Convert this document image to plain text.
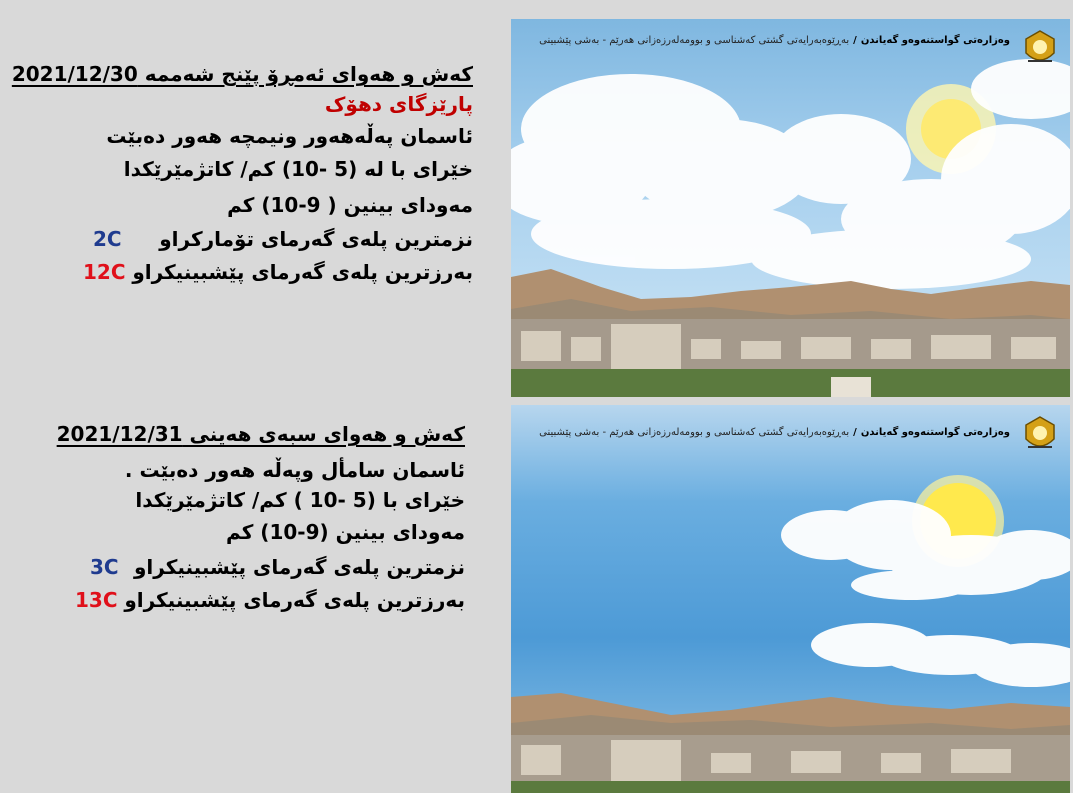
کەش و هەوای ئەمڕۆ پێنج شەممە 2021/12/30
پارێزگای دهۆک
ئاسمان پەڵەهەور ونیمچە هەور دەبێت
خێرای با لە (5 -10) کم/ کاتژمێرێکدا
مەودای بینین ( 9-10) کم
نزمترین پلەی گەرمای تۆمارکراو
2C
بەرزترین پلەی گەرمای پێشبینیکراو
12C
کەش و هەوای سبەی هەینی 2021/12/31
ئاسمان سامأل وپەڵە هەور دەبێت .
خێرای با (5 -10 ) کم/ کاتژمێرێکدا
مەودای بینین (9-10) کم
نزمترین پلەی گەرمای پێشبینیکراو
3C
بەرزترین پلەی گەرمای پێشبینیکراو
13C
وەزارەتی گواستنەوەو گەیاندن/بەڕێوەبەرایەتی گشتی کەشناسی و بوومەلەرزەزانی هەرێم - بەشی پێشبینی
وەزارەتی گواستنەوەو گەیاندن/بەڕێوەبەرایەتی گشتی کەشناسی و بوومەلەرزەزانی هەرێم - بەشی پێشبینی
